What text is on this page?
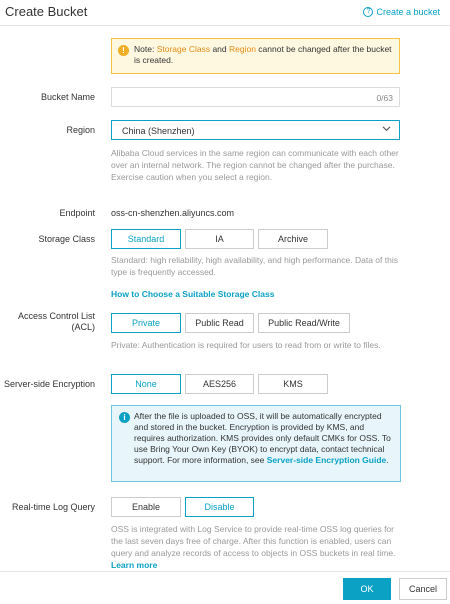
Create Bucket	? Create a bucket
!	Note: Storage Class and Region cannot be changed after the bucket is created.
Bucket Name	0/63
Region	China (Shenzhen)
Alibaba Cloud services in the same region can communicate with each other over an internal network. The region cannot be changed after the purchase. Exercise caution when you select a region.
Endpoint oss-cn-shenzhen.aliyuncs.com
Storage Class	Standard	IA	Archive
Standard: high reliability, high availability, and high performance. Data of this type is frequently accessed.
How to Choose a Suitable Storage Class
Access Control List
(ACL)	Private	Public Read	Public Read/Write
Private: Authentication is required for users to read from or write to files.
Server-side Encryption	None	AES256	KMS
i After the file is uploaded to OSS, it will be automatically encrypted and stored in the bucket. Encryption is provided by KMS, and requires authorization. KMS provides only default CMKs for OSS. To use Bring Your Own Key (BYOK) to encrypt data, contact technical support. For more information, see Server-side Encryption Guide.
Real-time Log Query	Enable	Disable
OSS is integrated with Log Service to provide real-time OSS log queries for the last seven days free of charge. After this function is enabled, users can query and analyze records of access to objects in OSS buckets in real time. Learn more
OK	Cancel
